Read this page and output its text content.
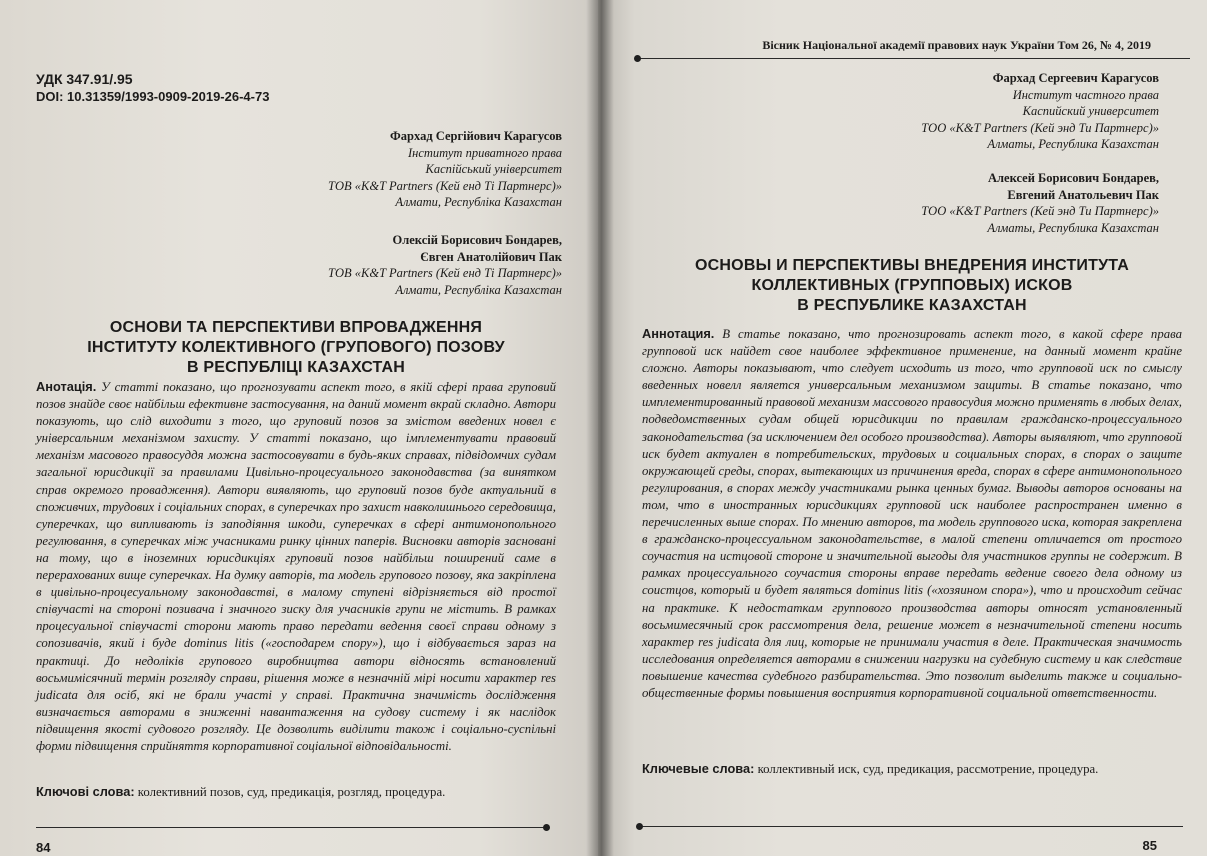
УДК 347.91/.95
DOI: 10.31359/1993-0909-2019-26-4-73
Фархад Сергійович Карагусов
Інститут приватного права
Каспійський університет
ТОВ «K&T Partners (Кей енд Ті Партнерс)»
Алмати, Республіка Казахстан
Олексій Борисович Бондарев,
Євген Анатолійович Пак
ТОВ «K&T Partners (Кей енд Ті Партнерс)»
Алмати, Республіка Казахстан
ОСНОВИ ТА ПЕРСПЕКТИВИ ВПРОВАДЖЕННЯ
ІНСТИТУТУ КОЛЕКТИВНОГО (ГРУПОВОГО) ПОЗОВУ
В РЕСПУБЛІЦІ КАЗАХСТАН
Анотація. У статті показано, що прогнозувати аспект того, в якій сфері права груповий позов знайде своє найбільш ефективне застосування, на даний момент вкрай складно. Автори показують, що слід виходити з того, що груповий позов за змістом введених новел є універсальним механізмом захисту. У статті показано, що імплементувати правовий механізм масового правосуддя можна застосовувати в будь-яких справах, підвідомчих судам загальної юрисдикції за правилами Цивільно-процесуального законодавства (за винятком справ окремого провадження). Автори виявляють, що груповий позов буде актуальний в споживчих, трудових і соціальних спорах, в суперечках про захист навколишнього середовища, суперечках, що випливають із заподіяння шкоди, суперечках в сфері антимонопольного регулювання, в суперечках між учасниками ринку цінних паперів. Висновки авторів засновані на тому, що в іноземних юрисдикціях груповий позов найбільш поширений саме в перерахованих вище суперечках. На думку авторів, та модель групового позову, яка закріплена в цивільно-процесуальному законодавстві, в малому ступені відрізняється від простої співучасті на стороні позивача і значного зиску для учасників групи не містить. В рамках процесуальної співучасті сторони мають право передати ведення своєї справи одному з сопозивачів, який і буде dominus litis («господарем спору»), що і відбувається зараз на практиці. До недоліків групового виробництва автори відносять встановлений восьмимісячний термін розгляду справи, рішення може в незначній мірі носити характер res judicata для осіб, які не брали участі у справі. Практична значимість дослідження визначається авторами в зниженні навантаження на судову систему і як наслідок підвищення якості судового розгляду. Це дозволить виділити також і соціально-суспільні форми підвищення сприйняття корпоративної соціальної відповідальності.
Ключові слова: колективний позов, суд, предикація, розгляд, процедура.
84
Вісник Національної академії правових наук України Том 26, № 4, 2019
Фархад Сергеевич Карагусов
Институт частного права
Каспийский университет
ТОО «K&T Partners (Кей энд Ти Партнерс)»
Алматы, Республика Казахстан
Алексей Борисович Бондарев,
Евгений Анатольевич Пак
ТОО «K&T Partners (Кей энд Ти Партнерс)»
Алматы, Республика Казахстан
ОСНОВЫ И ПЕРСПЕКТИВЫ ВНЕДРЕНИЯ ИНСТИТУТА
КОЛЛЕКТИВНЫХ (ГРУППОВЫХ) ИСКОВ
В РЕСПУБЛИКЕ КАЗАХСТАН
Аннотация. В статье показано, что прогнозировать аспект того, в какой сфере права групповой иск найдет свое наиболее эффективное применение, на данный момент крайне сложно. Авторы показывают, что следует исходить из того, что групповой иск по смыслу введенных новелл является универсальным механизмом защиты. В статье показано, что имплементированный правовой механизм массового правосудия можно применять в любых делах, подведомственных судам общей юрисдикции по правилам гражданско-процессуального законодательства (за исключением дел особого производства). Авторы выявляют, что групповой иск будет актуален в потребительских, трудовых и социальных спорах, в спорах о защите окружающей среды, спорах, вытекающих из причинения вреда, спорах в сфере антимонопольного регулирования, в спорах между участниками рынка ценных бумаг. Выводы авторов основаны на том, что в иностранных юрисдикциях групповой иск наиболее распространен именно в перечисленных выше спорах. По мнению авторов, та модель группового иска, которая закреплена в гражданско-процессуальном законодательстве, в малой степени отличается от простого соучастия на истцовой стороне и значительной выгоды для участников группы не содержит. В рамках процессуального соучастия стороны вправе передать ведение своего дела одному из соистцов, который и будет являться dominus litis («хозяином спора»), что и происходит сейчас на практике. К недостаткам группового производства авторы относят установленный восьмимесячный срок рассмотрения дела, решение может в незначительной степени носить характер res judicata для лиц, которые не принимали участия в деле. Практическая значимость исследования определяется авторами в снижении нагрузки на судебную систему и как следствие повышение качества судебного разбирательства. Это позволит выделить также и социально-общественные формы повышения восприятия корпоративной социальной ответственности.
Ключевые слова: коллективный иск, суд, предикация, рассмотрение, процедура.
85
